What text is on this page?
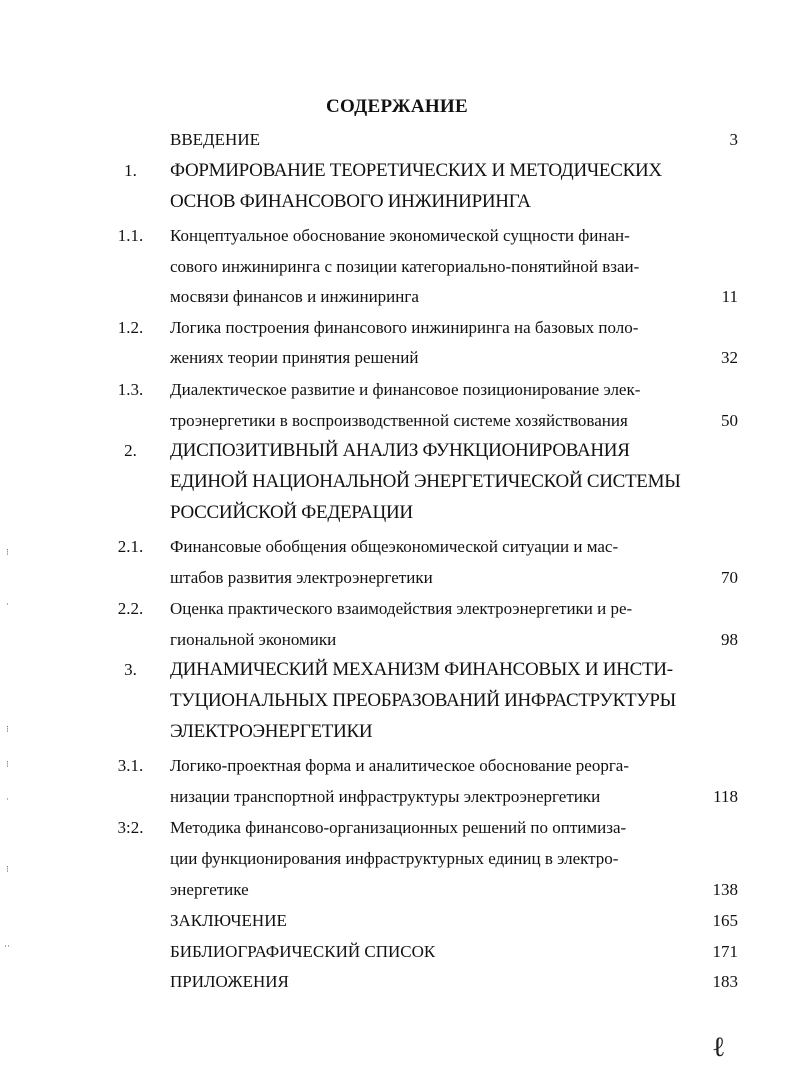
СОДЕРЖАНИЕ
ВВЕДЕНИЕ	3
1.	ФОРМИРОВАНИЕ ТЕОРЕТИЧЕСКИХ И МЕТОДИЧЕСКИХ
ОСНОВ ФИНАНСОВОГО ИНЖИНИРИНГА
1.1.	Концептуальное обоснование экономической сущности финан-
сового инжиниринга с позиции категориально-понятийной взаи-
мосвязи финансов и инжиниринга	11
1.2.	Логика построения финансового инжиниринга на базовых поло-
жениях теории принятия решений	32
1.3.	Диалектическое развитие и финансовое позиционирование элек-
троэнергетики в воспроизводственной системе хозяйствования	50
2.	ДИСПОЗИТИВНЫЙ АНАЛИЗ ФУНКЦИОНИРОВАНИЯ
ЕДИНОЙ НАЦИОНАЛЬНОЙ ЭНЕРГЕТИЧЕСКОЙ СИСТЕМЫ
РОССИЙСКОЙ ФЕДЕРАЦИИ
2.1.	Финансовые обобщения общеэкономической ситуации и мас-
штабов развития электроэнергетики	70
2.2.	Оценка практического взаимодействия электроэнергетики и ре-
гиональной экономики	98
3.	ДИНАМИЧЕСКИЙ МЕХАНИЗМ ФИНАНСОВЫХ И ИНСТИ-
ТУЦИОНАЛЬНЫХ ПРЕОБРАЗОВАНИЙ ИНФРАСТРУКТУРЫ
ЭЛЕКТРОЭНЕРГЕТИКИ
3.1.	Логико-проектная форма и аналитическое обоснование реорга-
низации транспортной инфраструктуры электроэнергетики	118
3:2.	Методика финансово-организационных решений по оптимиза-
ции функционирования инфраструктурных единиц в электро-
энергетике	138
ЗАКЛЮЧЕНИЕ	165
БИБЛИОГРАФИЧЕСКИЙ СПИСОК	171
ПРИЛОЖЕНИЯ	183
⁝
·
⁝
⁝
·
⁝
··
ℓ
